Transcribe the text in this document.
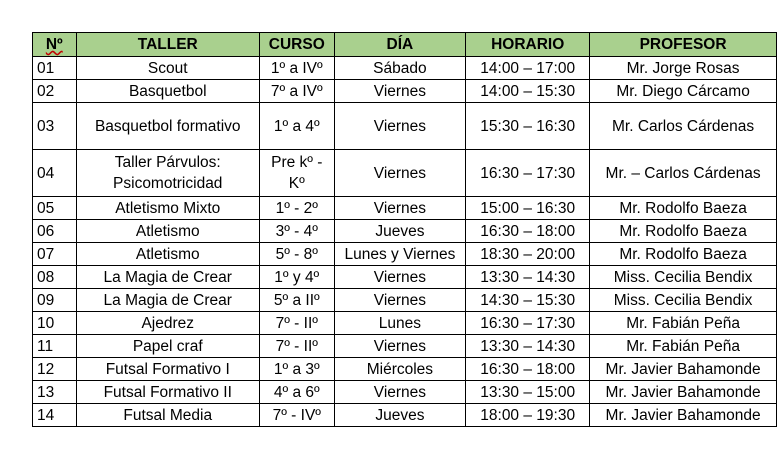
Nº	TALLER	CURSO	DÍA	HORARIO	PROFESOR
01	Scout	1º a IVº	Sábado	14:00 – 17:00	Mr. Jorge Rosas
02	Basquetbol	7º a IVº	Viernes	14:00 – 15:30	Mr. Diego Cárcamo
03	Basquetbol formativo	1º a 4º	Viernes	15:30 – 16:30	Mr. Carlos Cárdenas
04	Taller Párvulos: Psicomotricidad	Pre kº - Kº	Viernes	16:30 – 17:30	Mr. – Carlos Cárdenas
05	Atletismo Mixto	1º - 2º	Viernes	15:00 – 16:30	Mr. Rodolfo Baeza
06	Atletismo	3º - 4º	Jueves	16:30 – 18:00	Mr. Rodolfo Baeza
07	Atletismo	5º - 8º	Lunes y Viernes	18:30 – 20:00	Mr. Rodolfo Baeza
08	La Magia de Crear	1º y 4º	Viernes	13:30 – 14:30	Miss. Cecilia Bendix
09	La Magia de Crear	5º a IIº	Viernes	14:30 – 15:30	Miss. Cecilia Bendix
10	Ajedrez	7º - IIº	Lunes	16:30 – 17:30	Mr. Fabián Peña
11	Papel craf	7º - IIº	Viernes	13:30 – 14:30	Mr. Fabián Peña
12	Futsal Formativo I	1º a 3º	Miércoles	16:30 – 18:00	Mr. Javier Bahamonde
13	Futsal Formativo II	4º a 6º	Viernes	13:30 – 15:00	Mr. Javier Bahamonde
14	Futsal Media	7º - IVº	Jueves	18:00 – 19:30	Mr. Javier Bahamonde
